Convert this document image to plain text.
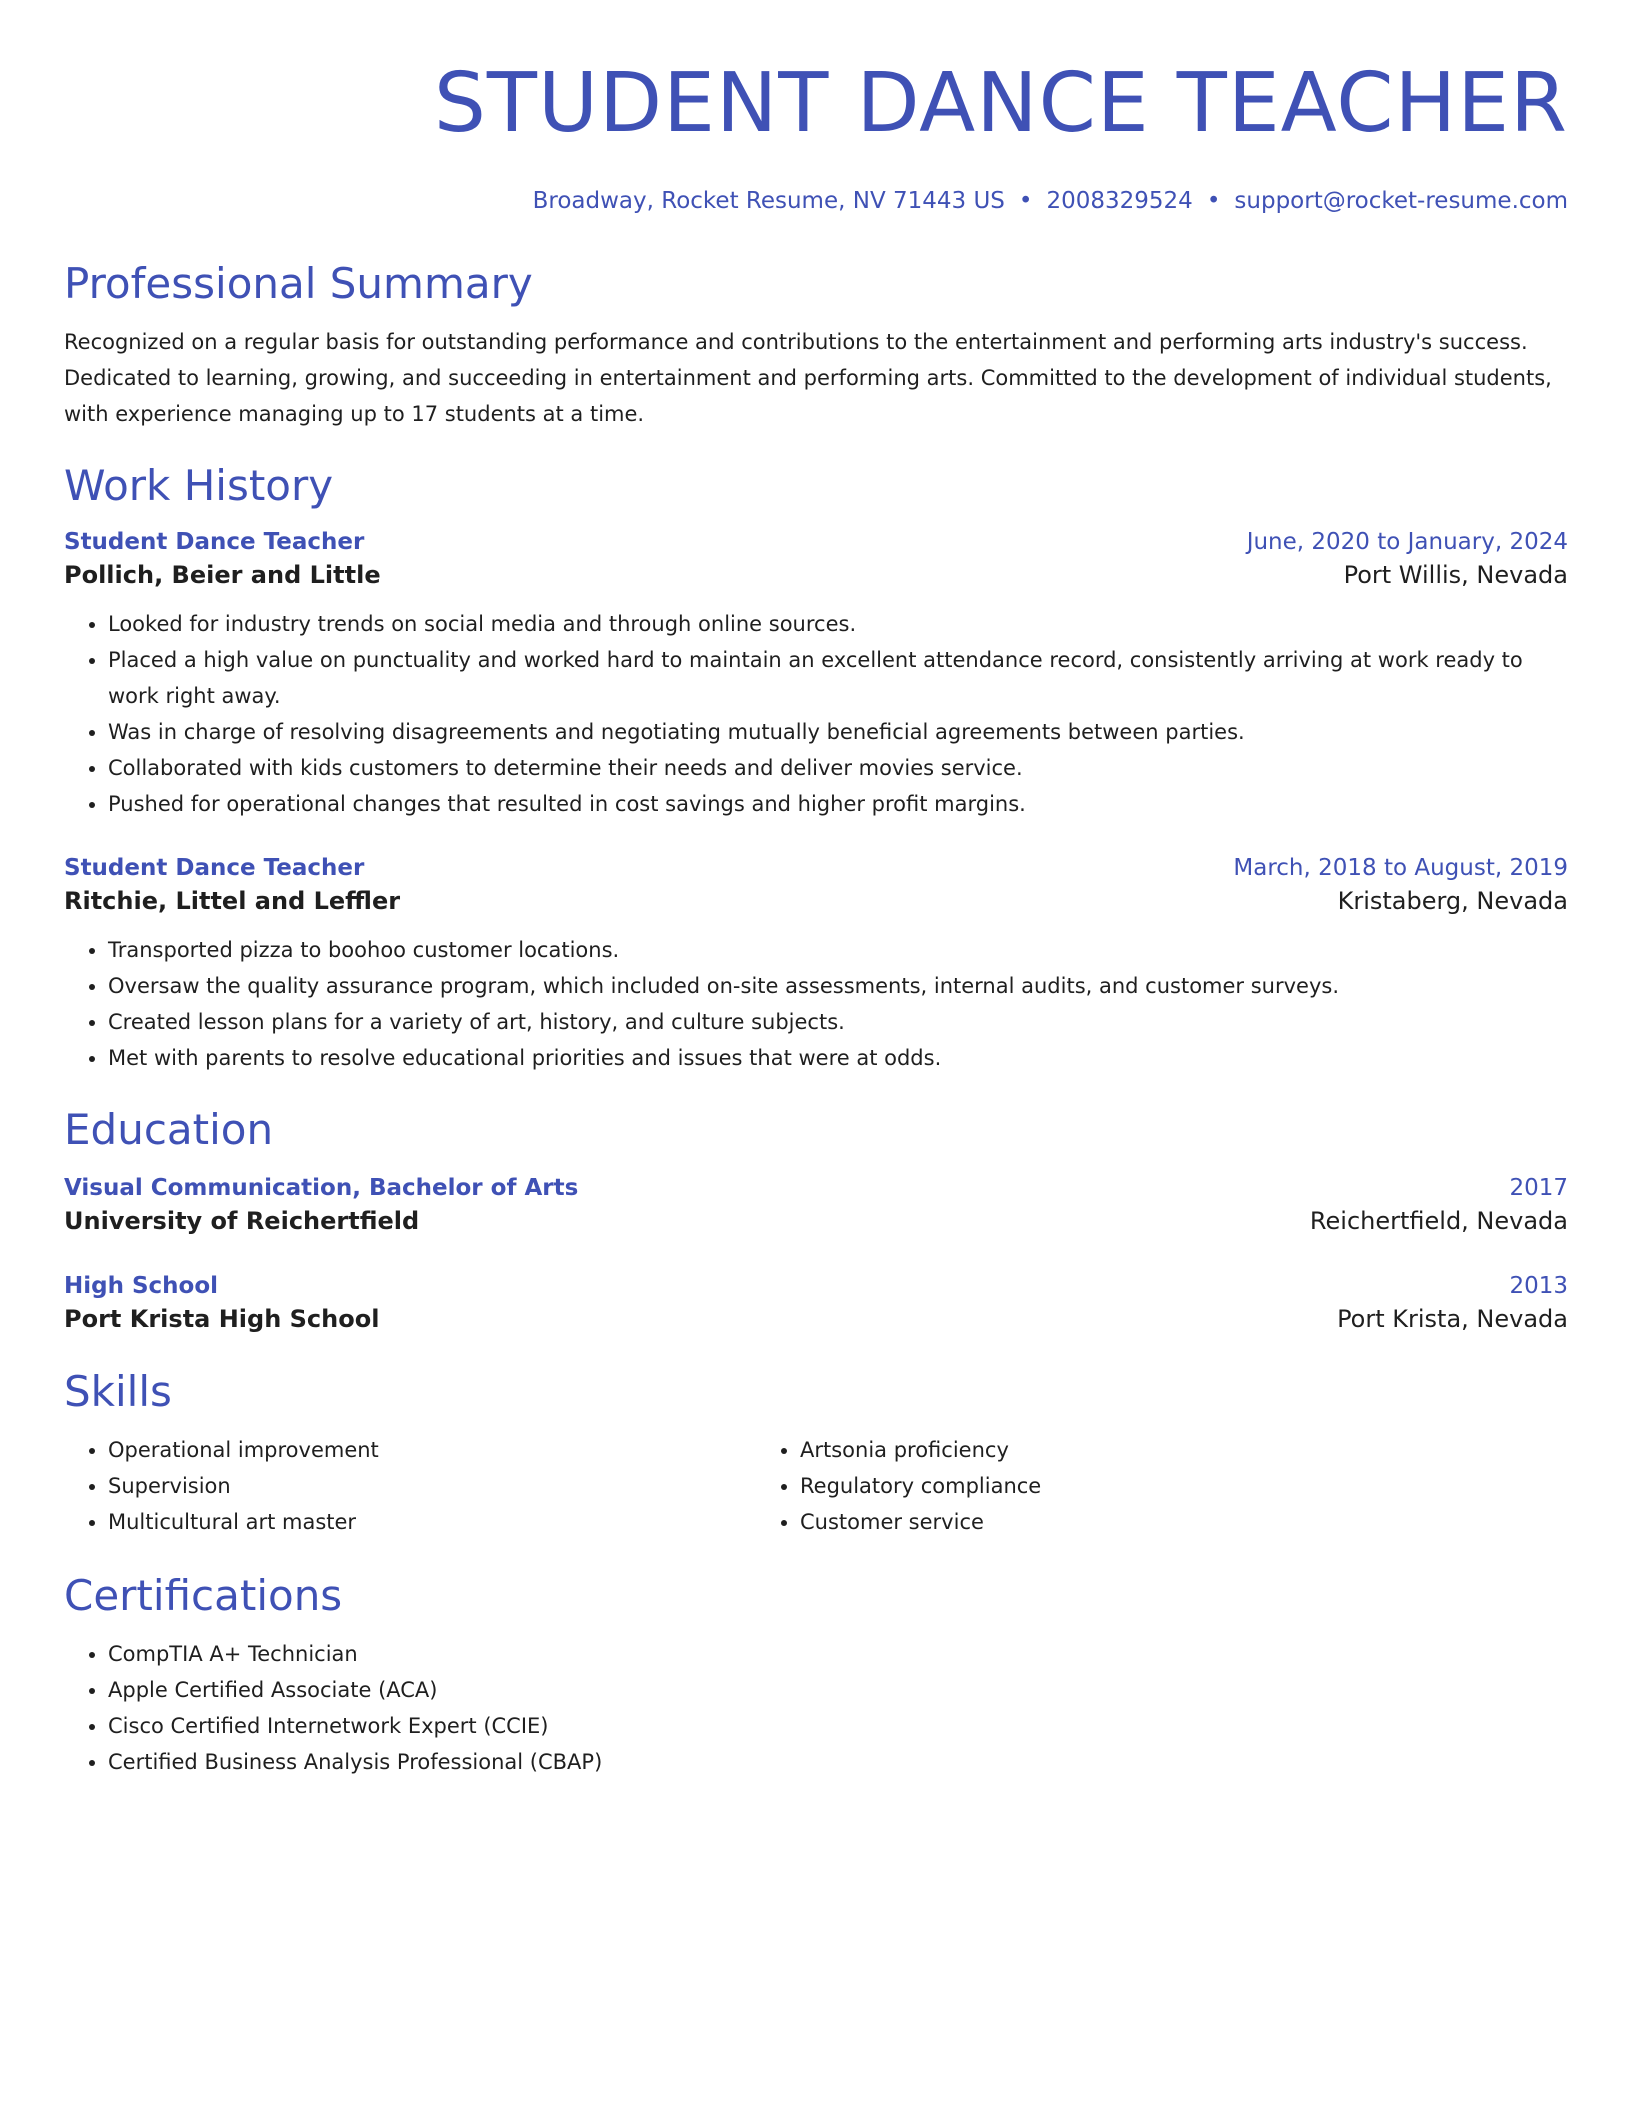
STUDENT DANCE TEACHER
Broadway, Rocket Resume, NV 71443 US • 2008329524 • support@rocket-resume.com
Professional Summary
Recognized on a regular basis for outstanding performance and contributions to the entertainment and performing arts industry's success. Dedicated to learning, growing, and succeeding in entertainment and performing arts. Committed to the development of individual students, with experience managing up to 17 students at a time.
Work History
Student Dance Teacher	June, 2020 to January, 2024
Pollich, Beier and Little	Port Willis, Nevada
• Looked for industry trends on social media and through online sources.
• Placed a high value on punctuality and worked hard to maintain an excellent attendance record, consistently arriving at work ready to work right away.
• Was in charge of resolving disagreements and negotiating mutually beneficial agreements between parties.
• Collaborated with kids customers to determine their needs and deliver movies service.
• Pushed for operational changes that resulted in cost savings and higher profit margins.
Student Dance Teacher	March, 2018 to August, 2019
Ritchie, Littel and Leffler	Kristaberg, Nevada
• Transported pizza to boohoo customer locations.
• Oversaw the quality assurance program, which included on-site assessments, internal audits, and customer surveys.
• Created lesson plans for a variety of art, history, and culture subjects.
• Met with parents to resolve educational priorities and issues that were at odds.
Education
Visual Communication, Bachelor of Arts	2017
University of Reichertfield	Reichertfield, Nevada
High School	2013
Port Krista High School	Port Krista, Nevada
Skills
• Operational improvement
• Supervision
• Multicultural art master
• Artsonia proficiency
• Regulatory compliance
• Customer service
Certifications
• CompTIA A+ Technician
• Apple Certified Associate (ACA)
• Cisco Certified Internetwork Expert (CCIE)
• Certified Business Analysis Professional (CBAP)
